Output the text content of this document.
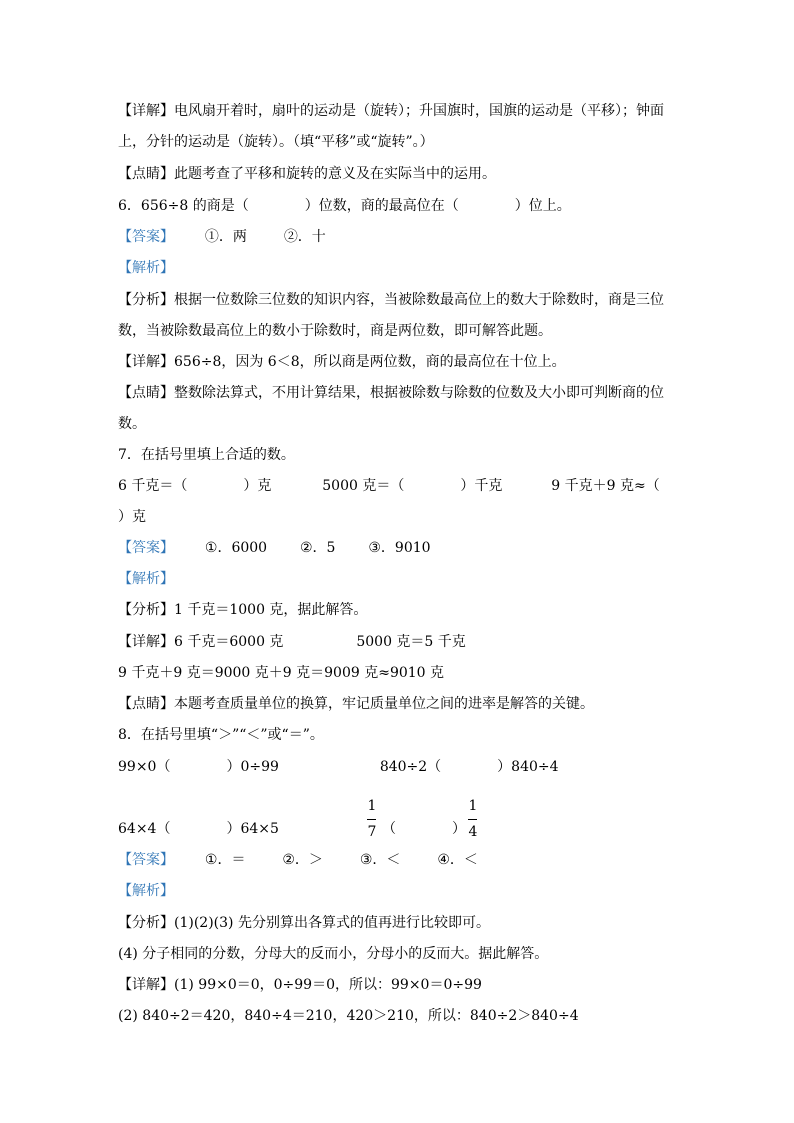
【详解】电风扇开着时，扇叶的运动是（旋转）；升国旗时，国旗的运动是（平移）；钟面
上，分针的运动是（旋转）。（填“平移”或“旋转”。）
【点睛】此题考查了平移和旋转的意义及在实际当中的运用。
6．656÷8 的商是（　　　　）位数，商的最高位在（　　　　）位上。
【答案】 ①．两	②．十
【解析】
【分析】根据一位数除三位数的知识内容，当被除数最高位上的数大于除数时，商是三位
数，当被除数最高位上的数小于除数时，商是两位数，即可解答此题。
【详解】656÷8，因为 6＜8，所以商是两位数，商的最高位在十位上。
【点睛】整数除法算式，不用计算结果，根据被除数与除数的位数及大小即可判断商的位
数。
7．在括号里填上合适的数。
6 千克＝（　　　　）克	5000 克＝（　　　　）千克	9 千克＋9 克≈（
）克
【答案】 ①．6000 ②．5 ③．9010
【解析】
【分析】1 千克＝1000 克，据此解答。
【详解】6 千克＝6000 克	5000 克＝5 千克
9 千克＋9 克＝9000 克＋9 克＝9009 克≈9010 克
【点睛】本题考查质量单位的换算，牢记质量单位之间的进率是解答的关键。
8．在括号里填“＞”“＜”或“＝”。
99×0（　　　　）0÷99	840÷2（　　　　）840÷4
64×4（　　　　）64×5
1
7 （　　　　）
1
4
【答案】 ①．＝	②．＞	③．＜	④．＜
【解析】
【分析】(1)(2)(3) 先分别算出各算式的值再进行比较即可。
(4) 分子相同的分数，分母大的反而小，分母小的反而大。据此解答。
【详解】(1) 99×0＝0，0÷99＝0，所以：99×0＝0÷99
(2) 840÷2＝420，840÷4＝210，420＞210，所以：840÷2＞840÷4
